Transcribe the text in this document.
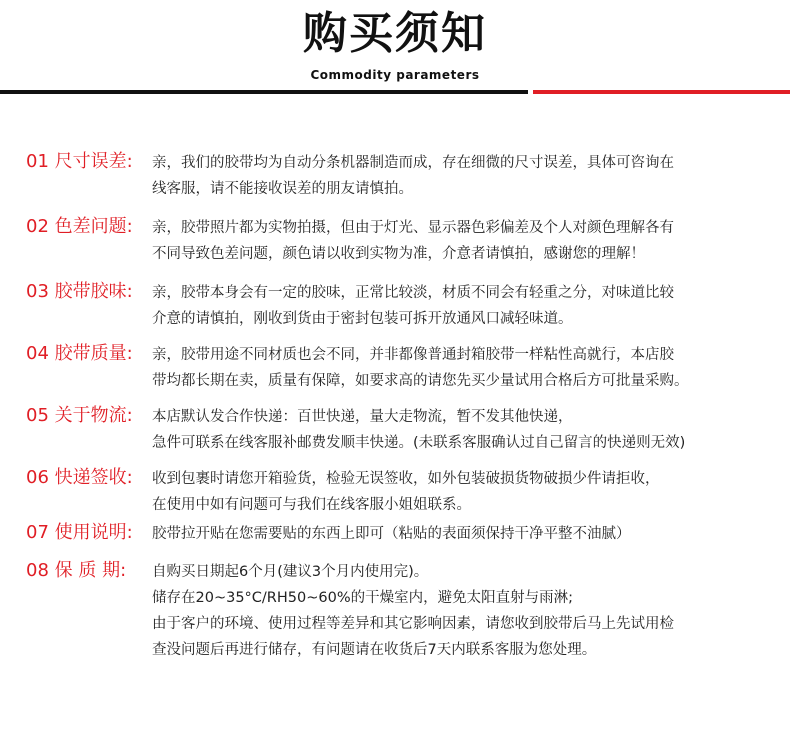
购买须知
Commodity parameters
01 尺寸误差: 亲，我们的胶带均为自动分条机器制造而成，存在细微的尺寸误差，具体可咨询在
线客服，请不能接收误差的朋友请慎拍。
02 色差问题: 亲，胶带照片都为实物拍摄，但由于灯光、显示器色彩偏差及个人对颜色理解各有
不同导致色差问题，颜色请以收到实物为准，介意者请慎拍，感谢您的理解！
03 胶带胶味: 亲，胶带本身会有一定的胶味，正常比较淡，材质不同会有轻重之分，对味道比较
介意的请慎拍，刚收到货由于密封包装可拆开放通风口减轻味道。
04 胶带质量: 亲，胶带用途不同材质也会不同，并非都像普通封箱胶带一样粘性高就行，本店胶
带均都长期在卖，质量有保障，如要求高的请您先买少量试用合格后方可批量采购。
05 关于物流: 本店默认发合作快递：百世快递，量大走物流，暂不发其他快递，
急件可联系在线客服补邮费发顺丰快递。(未联系客服确认过自己留言的快递则无效)
06 快递签收: 收到包裹时请您开箱验货，检验无误签收，如外包装破损货物破损少件请拒收，
在使用中如有问题可与我们在线客服小姐姐联系。
07 使用说明: 胶带拉开贴在您需要贴的东西上即可（粘贴的表面须保持干净平整不油腻）
08 保 质 期: 自购买日期起6个月(建议3个月内使用完)。
储存在20~35°C/RH50~60%的干燥室内，避免太阳直射与雨淋;
由于客户的环境、使用过程等差异和其它影响因素，请您收到胶带后马上先试用检
查没问题后再进行储存，有问题请在收货后7天内联系客服为您处理。
